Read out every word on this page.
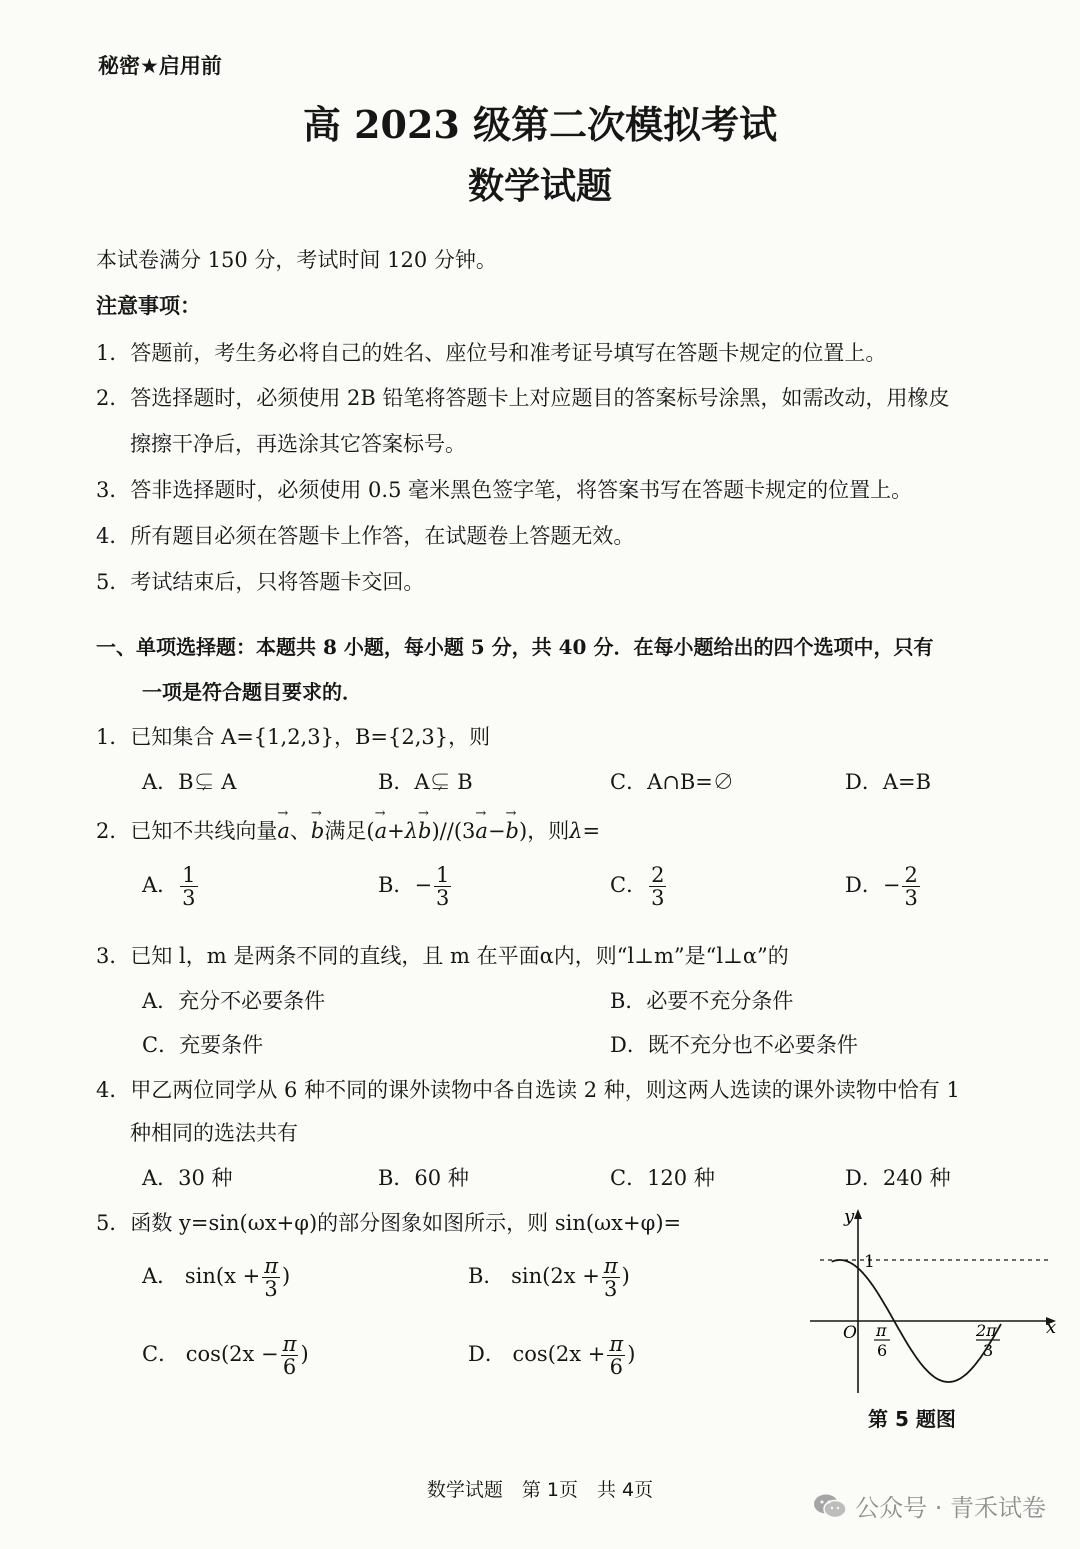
秘密★启用前
高 2023 级第二次模拟考试
数学试题
本试卷满分 150 分，考试时间 120 分钟。
注意事项：
1．答题前，考生务必将自己的姓名、座位号和准考证号填写在答题卡规定的位置上。
2．答选择题时，必须使用 2B 铅笔将答题卡上对应题目的答案标号涂黑，如需改动，用橡皮
擦擦干净后，再选涂其它答案标号。
3．答非选择题时，必须使用 0.5 毫米黑色签字笔，将答案书写在答题卡规定的位置上。
4．所有题目必须在答题卡上作答，在试题卷上答题无效。
5．考试结束后，只将答题卡交回。
一、单项选择题：本题共 8 小题，每小题 5 分，共 40 分．在每小题给出的四个选项中，只有
一项是符合题目要求的．
1．已知集合 A={1,2,3}，B={2,3}，则
A．B⊊ A	B．A⊊ B	C．A∩B=∅	D．A=B
2．已知不共线向量→ a、→ b满足(→ a+λ→ b)//(3→ a−→ b)，则λ=
A． $\frac{1}{3}$	B．− $\frac{1}{3}$	C． $\frac{2}{3}$	D．− $\frac{2}{3}$
3．已知 l，m 是两条不同的直线，且 m 在平面α内，则“l⊥m”是“l⊥α”的
A．充分不必要条件	B．必要不充分条件
C．充要条件	D．既不充分也不必要条件
4．甲乙两位同学从 6 种不同的课外读物中各自选读 2 种，则这两人选读的课外读物中恰有 1
种相同的选法共有
A．30 种	B．60 种	C．120 种	D．240 种
5．函数 y=sin(ωx+φ)的部分图象如图所示，则 sin(ωx+φ)=
A． $\sin(x + \frac{\pi}{3}$ )	B． $\sin(2x + \frac{\pi}{3}$ )
C． $\cos(2x - \frac{\pi}{6}$ )	D． $\cos(2x + \frac{\pi}{6}$ )
y
x
O
1
π
6
2π
3
第 5 题图
数学试题　第 1页　共 4页
公众号 · 青禾试卷
